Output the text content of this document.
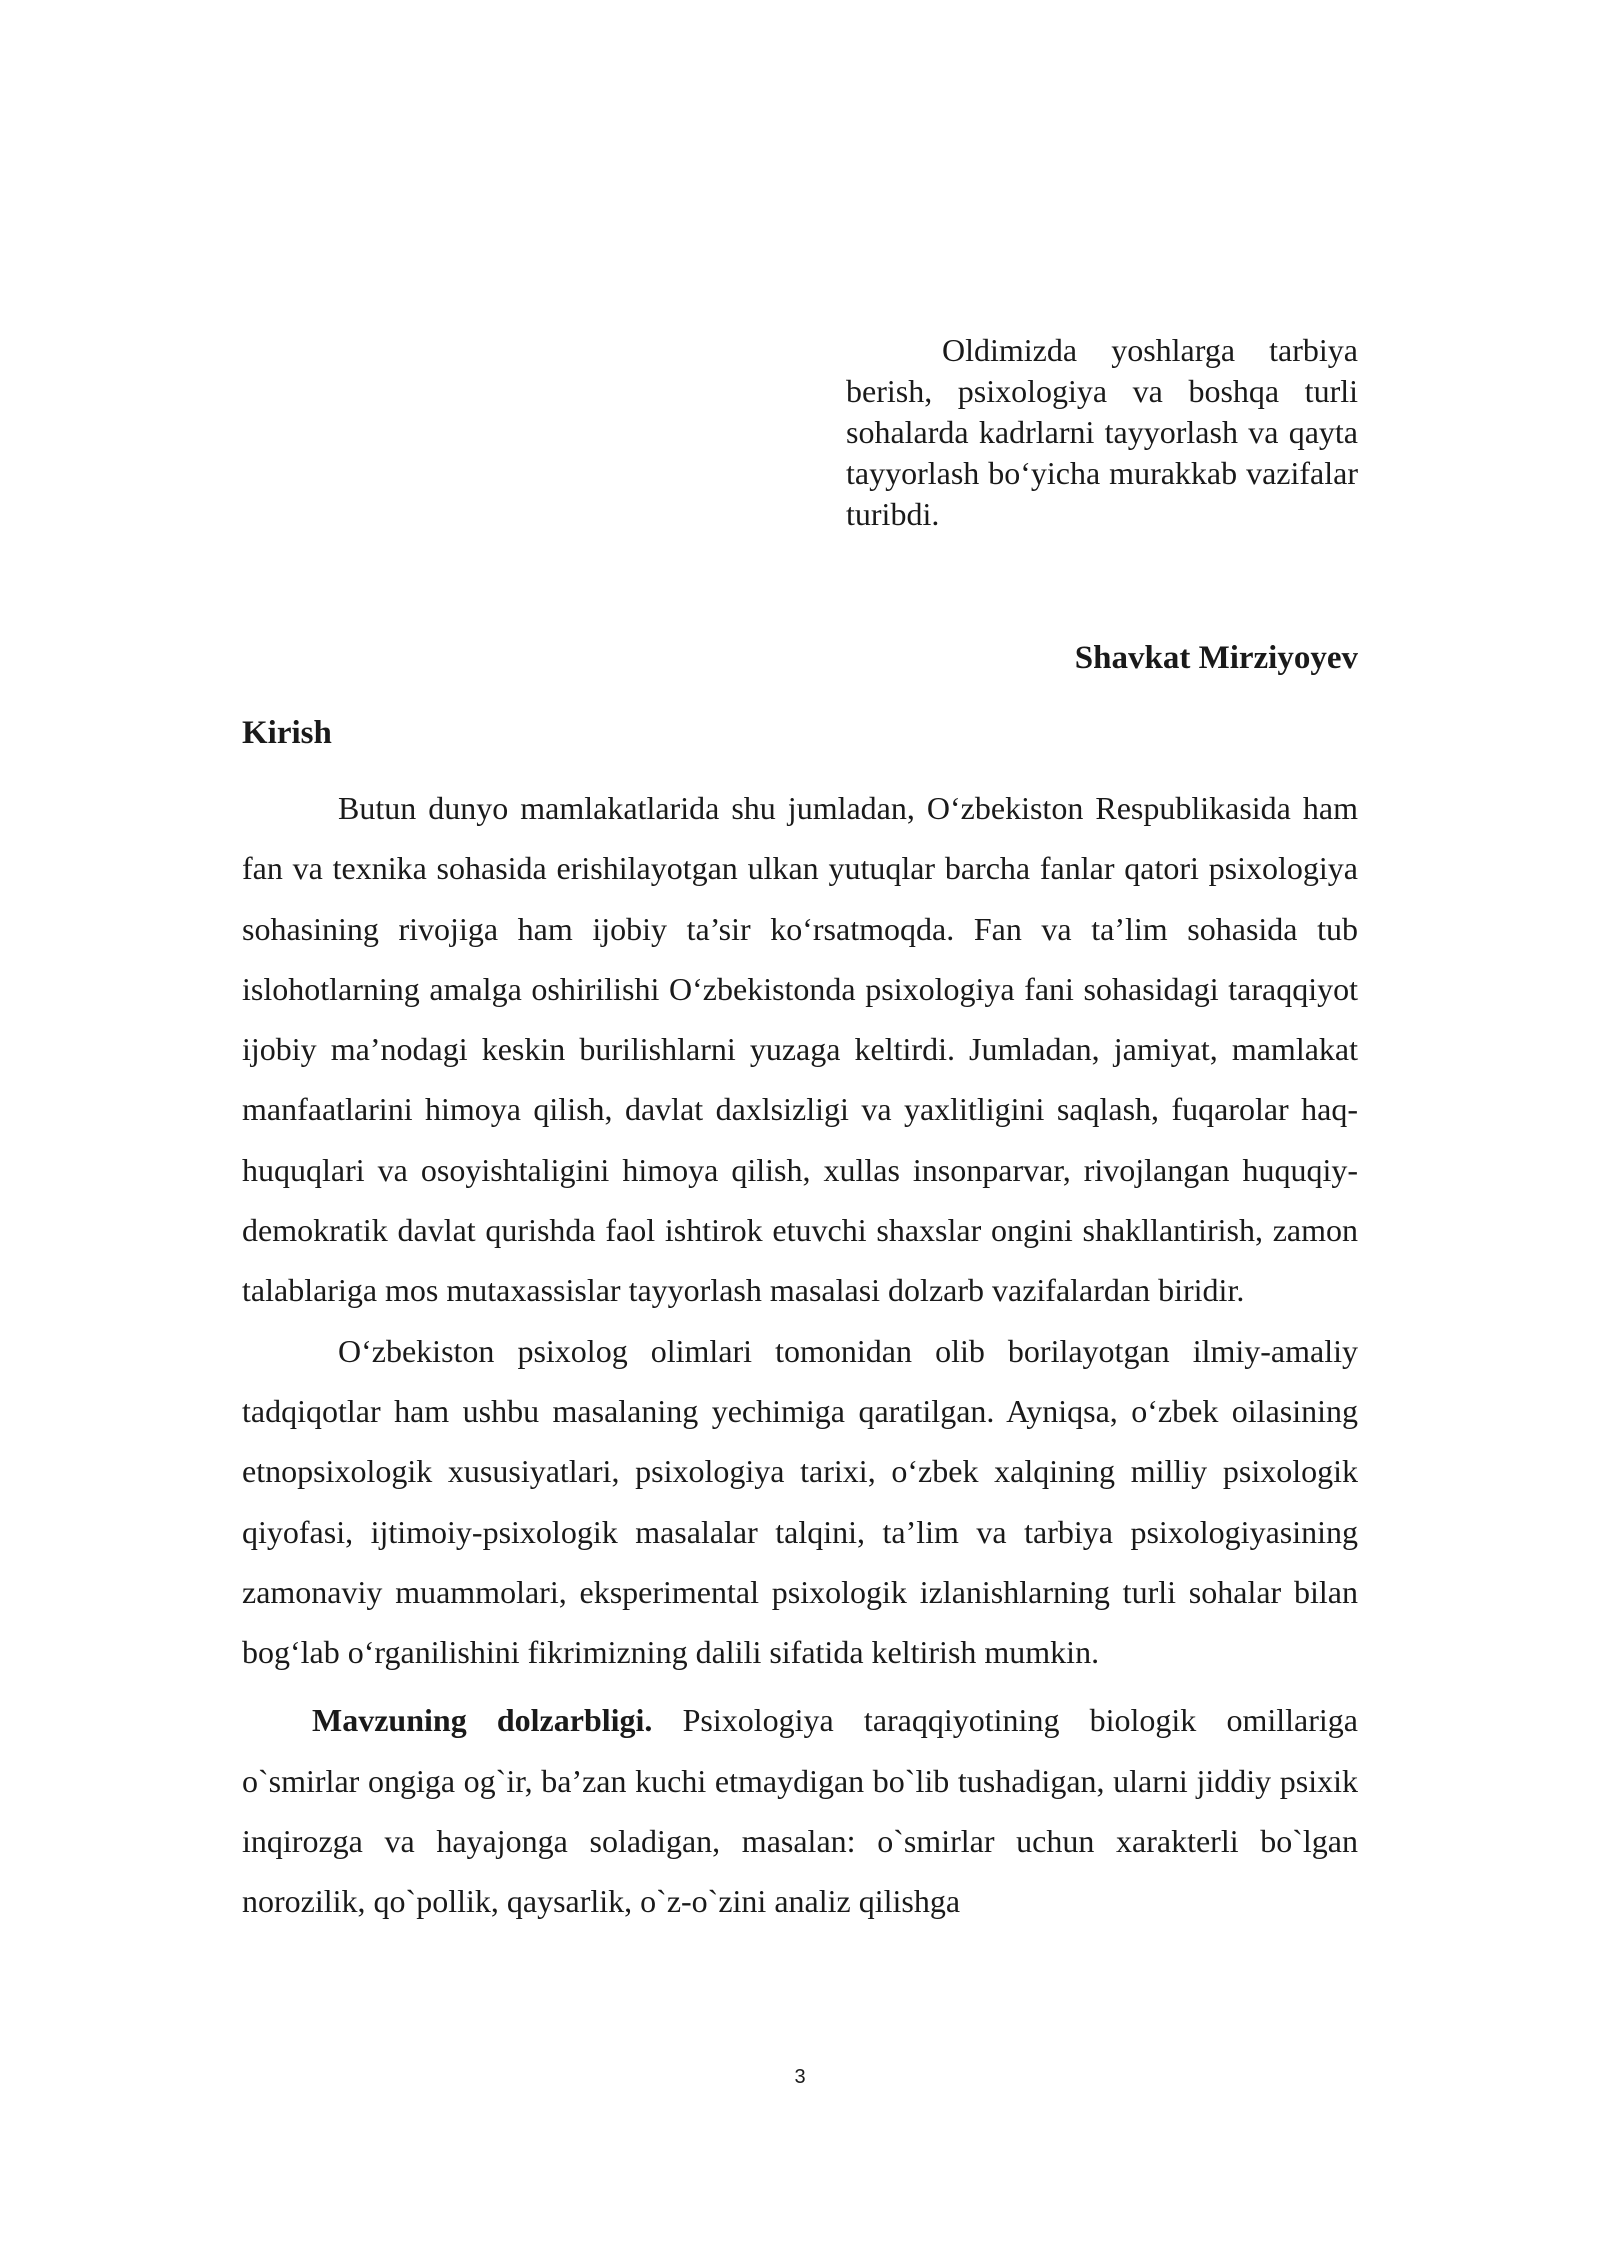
Oldimizda yoshlarga tarbiya berish, psixologiya va boshqa turli sohalarda kadrlarni tayyorlash va qayta tayyorlash bo‘yicha murakkab vazifalar turibdi.

Shavkat Mirziyoyev

Kirish

Butun dunyo mamlakatlarida shu jumladan, O‘zbekiston Respublikasida ham fan va texnika sohasida erishilayotgan ulkan yutuqlar barcha fanlar qatori psixologiya sohasining rivojiga ham ijobiy ta’sir ko‘rsatmoqda. Fan va ta’lim sohasida tub islohotlarning amalga oshirilishi O‘zbekistonda psixologiya fani sohasidagi taraqqiyot ijobiy ma’nodagi keskin burilishlarni yuzaga keltirdi. Jumladan, jamiyat, mamlakat manfaatlarini himoya qilish, davlat daxlsizligi va yaxlitligini saqlash, fuqarolar haq-huquqlari va osoyishtaligini himoya qilish, xullas insonparvar, rivojlangan huquqiy-demokratik davlat qurishda faol ishtirok etuvchi shaxslar ongini shakllantirish, zamon talablariga mos mutaxassislar tayyorlash masalasi dolzarb vazifalardan biridir.

O‘zbekiston psixolog olimlari tomonidan olib borilayotgan ilmiy-amaliy tadqiqotlar ham ushbu masalaning yechimiga qaratilgan. Ayniqsa, o‘zbek oilasining etnopsixologik xususiyatlari, psixologiya tarixi, o‘zbek xalqining milliy psixologik qiyofasi, ijtimoiy-psixologik masalalar talqini, ta’lim va tarbiya psixologiyasining zamonaviy muammolari, eksperimental psixologik izlanishlarning turli sohalar bilan bog‘lab o‘rganilishini fikrimizning dalili sifatida keltirish mumkin.

Mavzuning dolzarbligi. Psixologiya taraqqiyotining biologik omillariga o`smirlar ongiga og`ir, ba’zan kuchi etmaydigan bo`lib tushadigan, ularni jiddiy psixik inqirozga va hayajonga soladigan, masalan: o`smirlar uchun xarakterli bo`lgan norozilik, qo`pollik, qaysarlik, o`z-o`zini analiz qilishga

3
